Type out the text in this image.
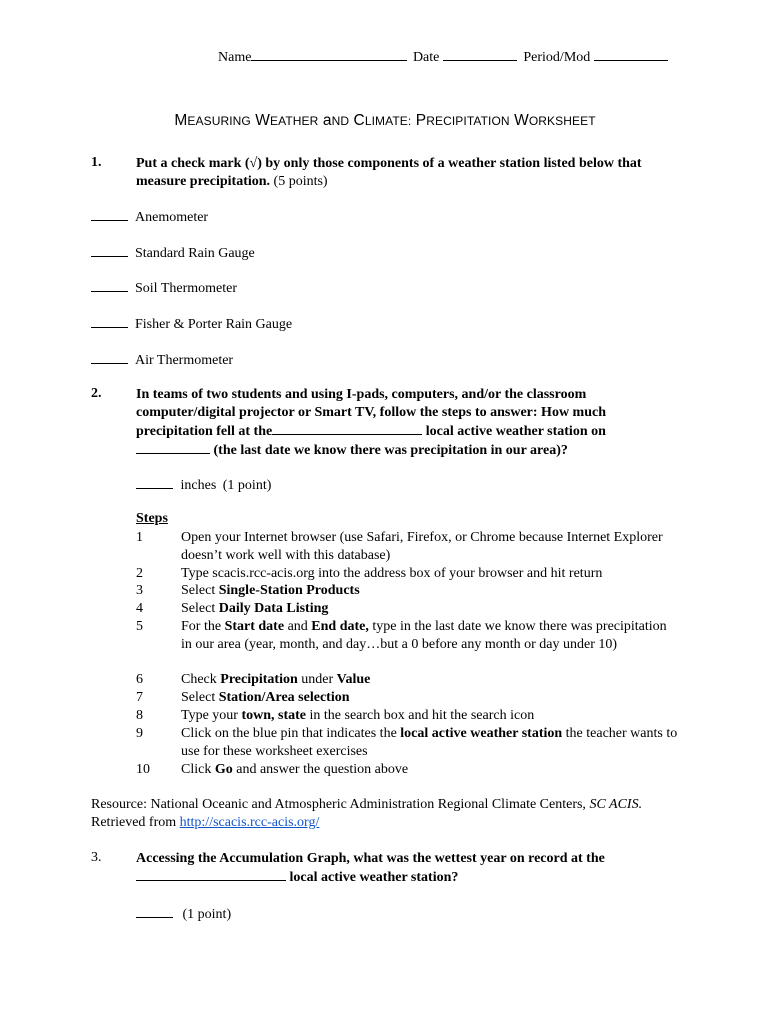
Name	Date	Period/Mod
MEASURING WEATHER aND CLIMATE: PRECIPITATION WORKSHEET
1. Put a check mark (√) by only those components of a weather station listed below that measure precipitation. (5 points)
Anemometer
Standard Rain Gauge
Soil Thermometer
Fisher & Porter Rain Gauge
Air Thermometer
2. In teams of two students and using I-pads, computers, and/or the classroom computer/digital projector or Smart TV, follow the steps to answer: How much precipitation fell at the	local active weather station on  (the last date we know there was precipitation in our area)?
inches (1 point)
Steps
1	Open your Internet browser (use Safari, Firefox, or Chrome because Internet Explorer doesn’t work well with this database)
2	Type scacis.rcc-acis.org into the address box of your browser and hit return
3	Select Single-Station Products
4	Select Daily Data Listing
5	For the Start date and End date, type in the last date we know there was precipitation in our area (year, month, and day…but a 0 before any month or day under 10)
6	Check Precipitation under Value
7	Select Station/Area selection
8	Type your town, state in the search box and hit the search icon
9	Click on the blue pin that indicates the local active weather station the teacher wants to use for these worksheet exercises
10 Click Go and answer the question above
Resource: National Oceanic and Atmospheric Administration Regional Climate Centers, SC ACIS. Retrieved from http://scacis.rcc-acis.org/
3. Accessing the Accumulation Graph, what was the wettest year on record at the  local active weather station?
(1 point)
